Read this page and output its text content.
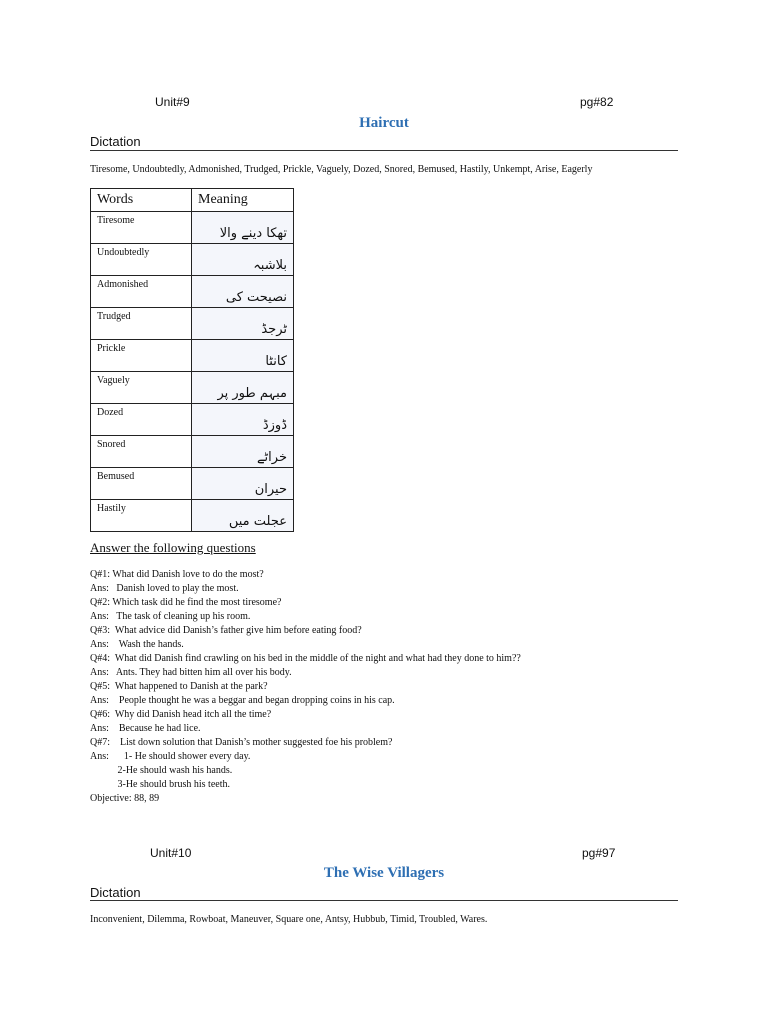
Unit#9	pg#82
Haircut
Dictation
Tiresome, Undoubtedly, Admonished, Trudged, Prickle, Vaguely, Dozed, Snored, Bemused, Hastily, Unkempt, Arise, Eagerly
Words	Meaning

Tiresome	تھکا دینے والا

Undoubtedly	بلاشبہ

Admonished	نصیحت کی

Trudged	ٹرجڈ

Prickle	کانٹا

Vaguely	مبہم طور پر

Dozed	ڈوزڈ

Snored	خراٹے

Bemused	حیران

Hastily	عجلت میں
Answer the following questions
Q#1: What did Danish love to do the most?
Ans:   Danish loved to play the most.
Q#2: Which task did he find the most tiresome?
Ans:   The task of cleaning up his room.
Q#3:  What advice did Danish’s father give him before eating food?
Ans:    Wash the hands.
Q#4:  What did Danish find crawling on his bed in the middle of the night and what had they done to him??
Ans:   Ants. They had bitten him all over his body.
Q#5:  What happened to Danish at the park?
Ans:    People thought he was a beggar and began dropping coins in his cap.
Q#6:  Why did Danish head itch all the time?
Ans:    Because he had lice.
Q#7:    List down solution that Danish’s mother suggested foe his problem?
Ans:      1- He should shower every day.
2-He should wash his hands.
3-He should brush his teeth.
Objective: 88, 89
Unit#10	pg#97
The Wise Villagers
Dictation
Inconvenient, Dilemma, Rowboat, Maneuver, Square one, Antsy, Hubbub, Timid, Troubled, Wares.
